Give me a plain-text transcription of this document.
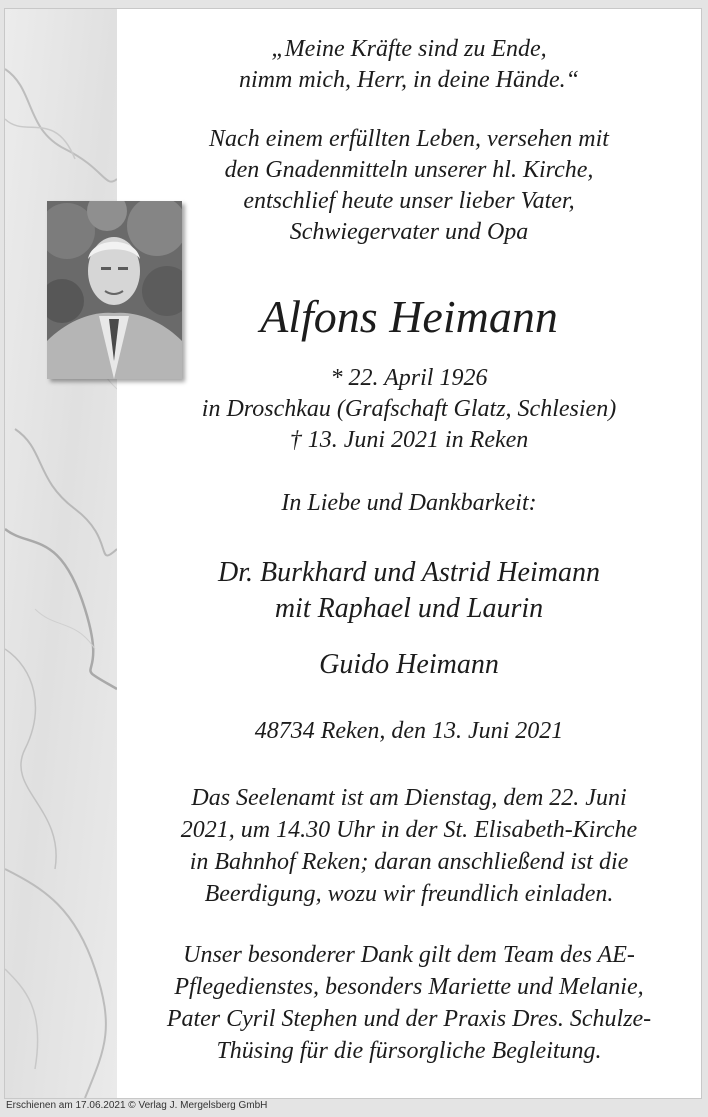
„Meine Kräfte sind zu Ende,
nimm mich, Herr, in deine Hände.“
Nach einem erfüllten Leben, versehen mit
den Gnadenmitteln unserer hl. Kirche,
entschlief heute unser lieber Vater,
Schwiegervater und Opa
Alfons Heimann
* 22. April 1926
in Droschkau (Grafschaft Glatz, Schlesien)
† 13. Juni 2021 in Reken
In Liebe und Dankbarkeit:
Dr. Burkhard und Astrid Heimann
mit Raphael und Laurin
Guido Heimann
48734 Reken, den 13. Juni 2021
Das Seelenamt ist am Dienstag, dem 22. Juni
2021, um 14.30 Uhr in der St. Elisabeth-Kirche
in Bahnhof Reken; daran anschließend ist die
Beerdigung, wozu wir freundlich einladen.
Unser besonderer Dank gilt dem Team des AE-
Pflegedienstes, besonders Mariette und Melanie,
Pater Cyril Stephen und der Praxis Dres. Schulze-
Thüsing für die fürsorgliche Begleitung.
Erschienen am 17.06.2021 © Verlag J. Mergelsberg GmbH
